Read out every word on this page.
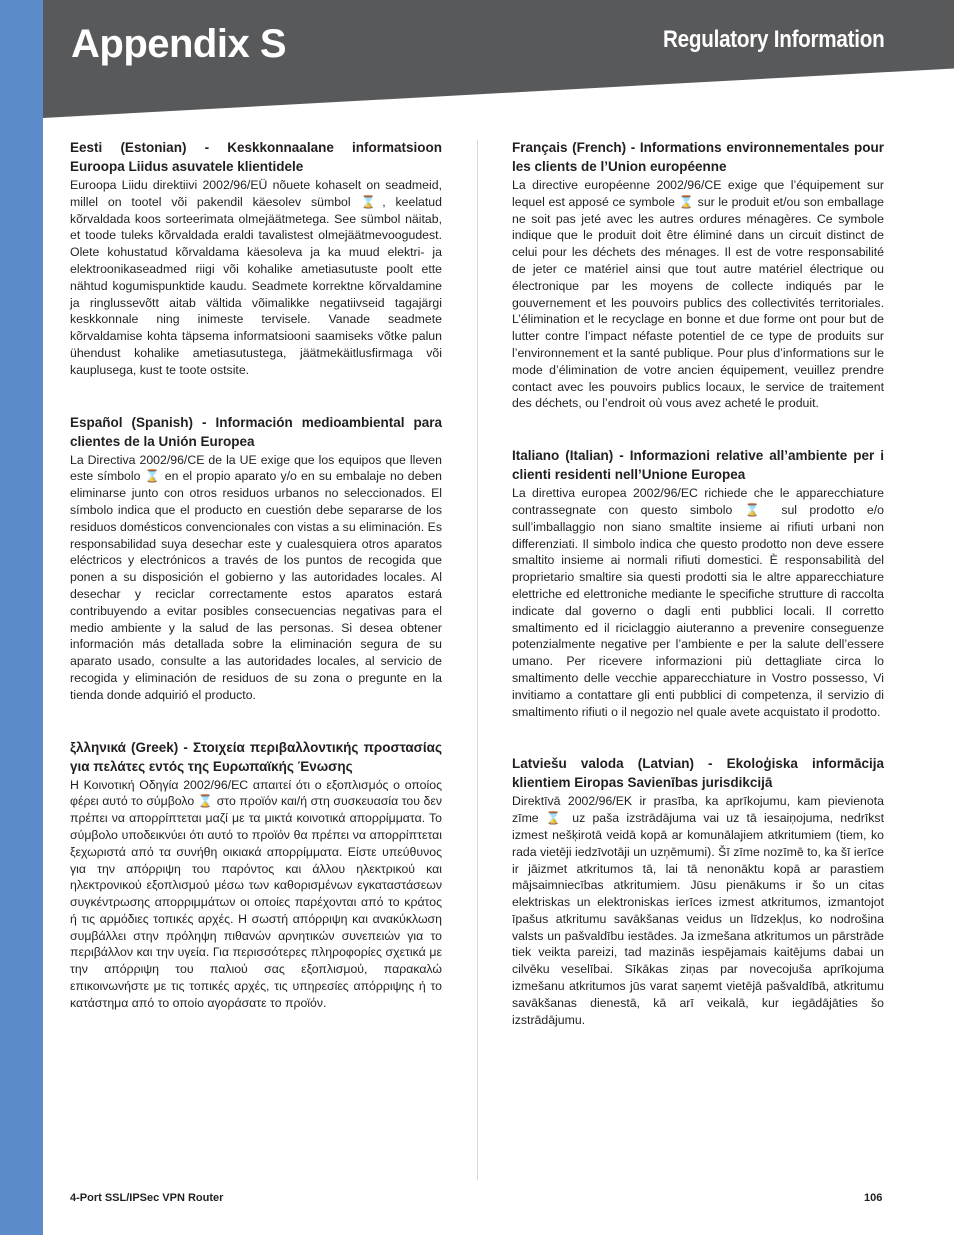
Appendix S	Regulatory Information
Eesti (Estonian) - Keskkonnaalane informatsioon Euroopa Liidus asuvatele klientidele

Euroopa Liidu direktiivi 2002/96/EÜ nõuete kohaselt on seadmeid, millel on tootel või pakendil käesolev sümbol ⌛, keelatud kõrvaldada koos sorteerimata olmejäätmetega. See sümbol näitab, et toode tuleks kõrvaldada eraldi tavalistest olmejäätmevoogudest. Olete kohustatud kõrvaldama käesoleva ja ka muud elektri- ja elektroonikaseadmed riigi või kohalike ametiasutuste poolt ette nähtud kogumispunktide kaudu. Seadmete korrektne kõrvaldamine ja ringlussevõtt aitab vältida võimalikke negatiivseid tagajärgi keskkonnale ning inimeste tervisele. Vanade seadmete kõrvaldamise kohta täpsema informatsiooni saamiseks võtke palun ühendust kohalike ametiasutustega, jäätmekäitlusfirmaga või kauplusega, kust te toote ostsite.

Español (Spanish) - Información medioambiental para clientes de la Unión Europea

La Directiva 2002/96/CE de la UE exige que los equipos que lleven este símbolo ⌛ en el propio aparato y/o en su embalaje no deben eliminarse junto con otros residuos urbanos no seleccionados. El símbolo indica que el producto en cuestión debe separarse de los residuos domésticos convencionales con vistas a su eliminación. Es responsabilidad suya desechar este y cualesquiera otros aparatos eléctricos y electrónicos a través de los puntos de recogida que ponen a su disposición el gobierno y las autoridades locales. Al desechar y reciclar correctamente estos aparatos estará contribuyendo a evitar posibles consecuencias negativas para el medio ambiente y la salud de las personas. Si desea obtener información más detallada sobre la eliminación segura de su aparato usado, consulte a las autoridades locales, al servicio de recogida y eliminación de residuos de su zona o pregunte en la tienda donde adquirió el producto.

ξλληνικά (Greek) - Στοιχεία περιβαλλοντικής προστασίας για πελάτες εντός της Ευρωπαϊκής Ένωσης

Η Κοινοτική Οδηγία 2002/96/EC απαιτεί ότι ο εξοπλισμός ο οποίος φέρει αυτό το σύμβολο ⌛ στο προϊόν και/ή στη συσκευασία του δεν πρέπει να απορρίπτεται μαζί με τα μικτά κοινοτικά απορρίμματα. Το σύμβολο υποδεικνύει ότι αυτό το προϊόν θα πρέπει να απορρίπτεται ξεχωριστά από τα συνήθη οικιακά απορρίμματα. Είστε υπεύθυνος για την απόρριψη του παρόντος και άλλου ηλεκτρικού και ηλεκτρονικού εξοπλισμού μέσω των καθορισμένων εγκαταστάσεων συγκέντρωσης απορριμμάτων οι οποίες παρέχονται από το κράτος ή τις αρμόδιες τοπικές αρχές. Η σωστή απόρριψη και ανακύκλωση συμβάλλει στην πρόληψη πιθανών αρνητικών συνεπειών για το περιβάλλον και την υγεία. Για περισσότερες πληροφορίες σχετικά με την απόρριψη του παλιού σας εξοπλισμού, παρακαλώ επικοινωνήστε με τις τοπικές αρχές, τις υπηρεσίες απόρριψης ή το κατάστημα από το οποίο αγοράσατε το προϊόν.

Français (French) - Informations environnementales pour les clients de l’Union européenne

La directive européenne 2002/96/CE exige que l’équipement sur lequel est apposé ce symbole ⌛ sur le produit et/ou son emballage ne soit pas jeté avec les autres ordures ménagères. Ce symbole indique que le produit doit être éliminé dans un circuit distinct de celui pour les déchets des ménages. Il est de votre responsabilité de jeter ce matériel ainsi que tout autre matériel électrique ou électronique par les moyens de collecte indiqués par le gouvernement et les pouvoirs publics des collectivités territoriales. L’élimination et le recyclage en bonne et due forme ont pour but de lutter contre l’impact néfaste potentiel de ce type de produits sur l’environnement et la santé publique. Pour plus d’informations sur le mode d’élimination de votre ancien équipement, veuillez prendre contact avec les pouvoirs publics locaux, le service de traitement des déchets, ou l’endroit où vous avez acheté le produit.

Italiano (Italian) - Informazioni relative all’ambiente per i clienti residenti nell’Unione Europea

La direttiva europea 2002/96/EC richiede che le apparecchiature contrassegnate con questo simbolo ⌛ sul prodotto e/o sull’imballaggio non siano smaltite insieme ai rifiuti urbani non differenziati. Il simbolo indica che questo prodotto non deve essere smaltito insieme ai normali rifiuti domestici. È responsabilità del proprietario smaltire sia questi prodotti sia le altre apparecchiature elettriche ed elettroniche mediante le specifiche strutture di raccolta indicate dal governo o dagli enti pubblici locali. Il corretto smaltimento ed il riciclaggio aiuteranno a prevenire conseguenze potenzialmente negative per l’ambiente e per la salute dell’essere umano. Per ricevere informazioni più dettagliate circa lo smaltimento delle vecchie apparecchiature in Vostro possesso, Vi invitiamo a contattare gli enti pubblici di competenza, il servizio di smaltimento rifiuti o il negozio nel quale avete acquistato il prodotto.

Latviešu valoda (Latvian) - Ekoloģiska informācija klientiem Eiropas Savienības jurisdikcijā

Direktīvā 2002/96/EK ir prasība, ka aprīkojumu, kam pievienota zīme ⌛ uz paša izstrādājuma vai uz tā iesaiņojuma, nedrīkst izmest nešķirotā veidā kopā ar komunālajiem atkritumiem (tiem, ko rada vietēji iedzīvotāji un uzņēmumi). Šī zīme nozīmē to, ka šī ierīce ir jāizmet atkritumos tā, lai tā nenonāktu kopā ar parastiem mājsaimniecības atkritumiem. Jūsu pienākums ir šo un citas elektriskas un elektroniskas ierīces izmest atkritumos, izmantojot īpašus atkritumu savākšanas veidus un līdzekļus, ko nodrošina valsts un pašvaldību iestādes. Ja izmešana atkritumos un pārstrāde tiek veikta pareizi, tad mazinās iespējamais kaitējums dabai un cilvēku veselībai. Sīkākas ziņas par novecojuša aprīkojuma izmešanu atkritumos jūs varat saņemt vietējā pašvaldībā, atkritumu savākšanas dienestā, kā arī veikalā, kur iegādājāties šo izstrādājumu.

4-Port SSL/IPSec VPN Router	106
